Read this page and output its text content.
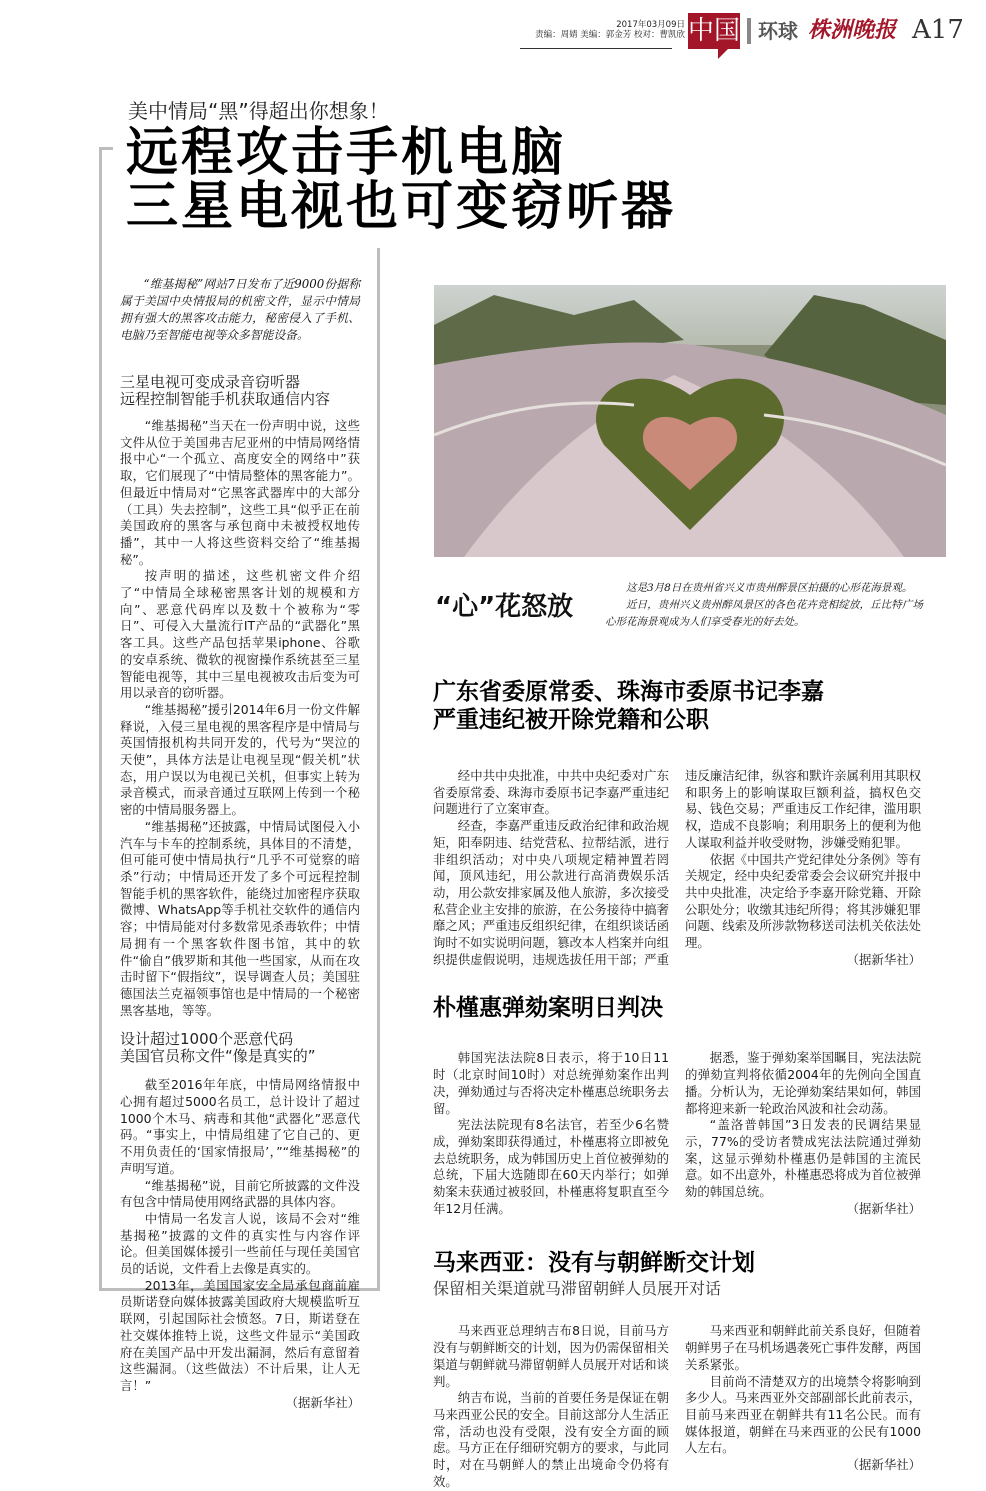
2017年03月09日
责编：周婧 美编：郭金芳 校对：曹凯欣 中国 环球 株洲晚报 A17
美中情局“黑”得超出你想象！
远程攻击手机电脑
三星电视也可变窃听器

“维基揭秘”网站7日发布了近9000份据称属于美国中央情报局的机密文件，显示中情局拥有强大的黑客攻击能力，秘密侵入了手机、电脑乃至智能电视等众多智能设备。

三星电视可变成录音窃听器
远程控制智能手机获取通信内容

“维基揭秘”当天在一份声明中说，这些文件从位于美国弗吉尼亚州的中情局网络情报中心“一个孤立、高度安全的网络中”获取，它们展现了“中情局整体的黑客能力”。但最近中情局对“它黑客武器库中的大部分（工具）失去控制”，这些工具“似乎正在前美国政府的黑客与承包商中未被授权地传播”，其中一人将这些资料交给了“维基揭秘”。

按声明的描述，这些机密文件介绍了“中情局全球秘密黑客计划的规模和方向”、恶意代码库以及数十个被称为“零日”、可侵入大量流行IT产品的“武器化”黑客工具。这些产品包括苹果iphone、谷歌的安卓系统、微软的视窗操作系统甚至三星智能电视等，其中三星电视被攻击后变为可用以录音的窃听器。

“维基揭秘”援引2014年6月一份文件解释说，入侵三星电视的黑客程序是中情局与英国情报机构共同开发的，代号为“哭泣的天使”，具体方法是让电视呈现“假关机”状态，用户误以为电视已关机，但事实上转为录音模式，而录音通过互联网上传到一个秘密的中情局服务器上。

“维基揭秘”还披露，中情局试图侵入小汽车与卡车的控制系统，具体目的不清楚，但可能可使中情局执行“几乎不可觉察的暗杀”行动；中情局还开发了多个可远程控制智能手机的黑客软件，能绕过加密程序获取微博、WhatsApp等手机社交软件的通信内容；中情局能对付多数常见杀毒软件；中情局拥有一个黑客软件图书馆，其中的软件“偷自”俄罗斯和其他一些国家，从而在攻击时留下“假指纹”，误导调查人员；美国驻德国法兰克福领事馆也是中情局的一个秘密黑客基地，等等。

设计超过1000个恶意代码
美国官员称文件“像是真实的”

截至2016年年底，中情局网络情报中心拥有超过5000名员工，总计设计了超过1000个木马、病毒和其他“武器化”恶意代码。“事实上，中情局组建了它自己的、更不用负责任的‘国家情报局’，”“维基揭秘”的声明写道。

“维基揭秘”说，目前它所披露的文件没有包含中情局使用网络武器的具体内容。

中情局一名发言人说，该局不会对“维基揭秘”披露的文件的真实性与内容作评论。但美国媒体援引一些前任与现任美国官员的话说，文件看上去像是真实的。

2013年，美国国家安全局承包商前雇员斯诺登向媒体披露美国政府大规模监听互联网，引起国际社会愤怒。7日，斯诺登在社交媒体推特上说，这些文件显示“美国政府在美国产品中开发出漏洞，然后有意留着这些漏洞。（这些做法）不计后果，让人无言！”

（据新华社）
“心”花怒放

这是3月8日在贵州省兴义市贵州醉景区拍摄的心形花海景观。

近日，贵州兴义贵州醉凤景区的各色花卉竞相绽放，丘比特广场心形花海景观成为人们享受春光的好去处。

广东省委原常委、珠海市委原书记李嘉
严重违纪被开除党籍和公职

经中共中央批准，中共中央纪委对广东省委原常委、珠海市委原书记李嘉严重违纪问题进行了立案审查。

经查，李嘉严重违反政治纪律和政治规矩，阳奉阴违、结党营私、拉帮结派，进行非组织活动；对中央八项规定精神置若罔闻，顶风违纪，用公款进行高消费娱乐活动，用公款安排家属及他人旅游，多次接受私营企业主安排的旅游，在公务接待中搞奢靡之风；严重违反组织纪律，在组织谈话函询时不如实说明问题，篡改本人档案并向组织提供虚假说明，违规选拔任用干部；严重违反廉洁纪律，纵容和默许亲属利用其职权和职务上的影响谋取巨额利益，搞权色交易、钱色交易；严重违反工作纪律，滥用职权，造成不良影响；利用职务上的便利为他人谋取利益并收受财物，涉嫌受贿犯罪。

依据《中国共产党纪律处分条例》等有关规定，经中央纪委常委会会议研究并报中共中央批准，决定给予李嘉开除党籍、开除公职处分；收缴其违纪所得；将其涉嫌犯罪问题、线索及所涉款物移送司法机关依法处理。

（据新华社）
朴槿惠弹劾案明日判决

韩国宪法法院8日表示，将于10日11时（北京时间10时）对总统弹劾案作出判决，弹劾通过与否将决定朴槿惠总统职务去留。

宪法法院现有8名法官，若至少6名赞成，弹劾案即获得通过，朴槿惠将立即被免去总统职务，成为韩国历史上首位被弹劾的总统，下届大选随即在60天内举行；如弹劾案未获通过被驳回，朴槿惠将复职直至今年12月任满。

据悉，鉴于弹劾案举国瞩目，宪法法院的弹劾宣判将依循2004年的先例向全国直播。分析认为，无论弹劾案结果如何，韩国都将迎来新一轮政治风波和社会动荡。

“盖洛普韩国”3日发表的民调结果显示，77%的受访者赞成宪法法院通过弹劾案，这显示弹劾朴槿惠仍是韩国的主流民意。如不出意外，朴槿惠恐将成为首位被弹劾的韩国总统。

（据新华社）
马来西亚：没有与朝鲜断交计划
保留相关渠道就马滞留朝鲜人员展开对话

马来西亚总理纳吉布8日说，目前马方没有与朝鲜断交的计划，因为仍需保留相关渠道与朝鲜就马滞留朝鲜人员展开对话和谈判。

纳吉布说，当前的首要任务是保证在朝马来西亚公民的安全。目前这部分人生活正常，活动也没有受限，没有安全方面的顾虑。马方正在仔细研究朝方的要求，与此同时，对在马朝鲜人的禁止出境命令仍将有效。

马来西亚和朝鲜此前关系良好，但随着朝鲜男子在马机场遇袭死亡事件发酵，两国关系紧张。

目前尚不清楚双方的出境禁令将影响到多少人。马来西亚外交部副部长此前表示，目前马来西亚在朝鲜共有11名公民。而有媒体报道，朝鲜在马来西亚的公民有1000人左右。

（据新华社）
